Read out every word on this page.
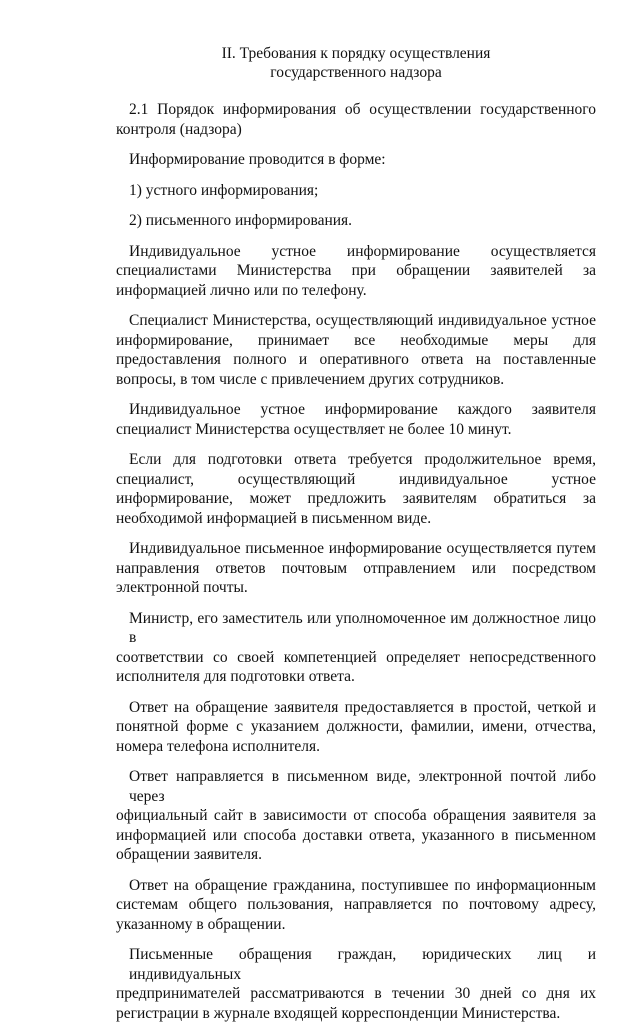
II. Требования к порядку осуществления
государственного надзора

2.1 Порядок информирования об осуществлении государственного
контроля (надзора)

Информирование проводится в форме:

1) устного информирования;

2) письменного информирования.

Индивидуальное устное информирование осуществляется
специалистами Министерства при обращении заявителей за информацией лично или по телефону.

Специалист Министерства, осуществляющий индивидуальное устное
информирование, принимает все необходимые меры для предоставления полного и оперативного ответа на поставленные вопросы, в том числе с привлечением других сотрудников.

Индивидуальное устное информирование каждого заявителя
специалист Министерства осуществляет не более 10 минут.

Если для подготовки ответа требуется продолжительное время,
специалист, осуществляющий индивидуальное устное информирование, может предложить заявителям обратиться за необходимой информацией в письменном виде.

Индивидуальное письменное информирование осуществляется путем
направления ответов почтовым отправлением или посредством электронной почты.

Министр, его заместитель или уполномоченное им должностное лицо в
соответствии со своей компетенцией определяет непосредственного исполнителя для подготовки ответа.

Ответ на обращение заявителя предоставляется в простой, четкой и
понятной форме с указанием должности, фамилии, имени, отчества, номера телефона исполнителя.

Ответ направляется в письменном виде, электронной почтой либо через
официальный сайт в зависимости от способа обращения заявителя за информацией или способа доставки ответа, указанного в письменном обращении заявителя.

Ответ на обращение гражданина, поступившее по информационным
системам общего пользования, направляется по почтовому адресу, указанному в обращении.

Письменные обращения граждан, юридических лиц и индивидуальных
предпринимателей рассматриваются в течении 30 дней со дня их регистрации в журнале входящей корреспонденции Министерства.
